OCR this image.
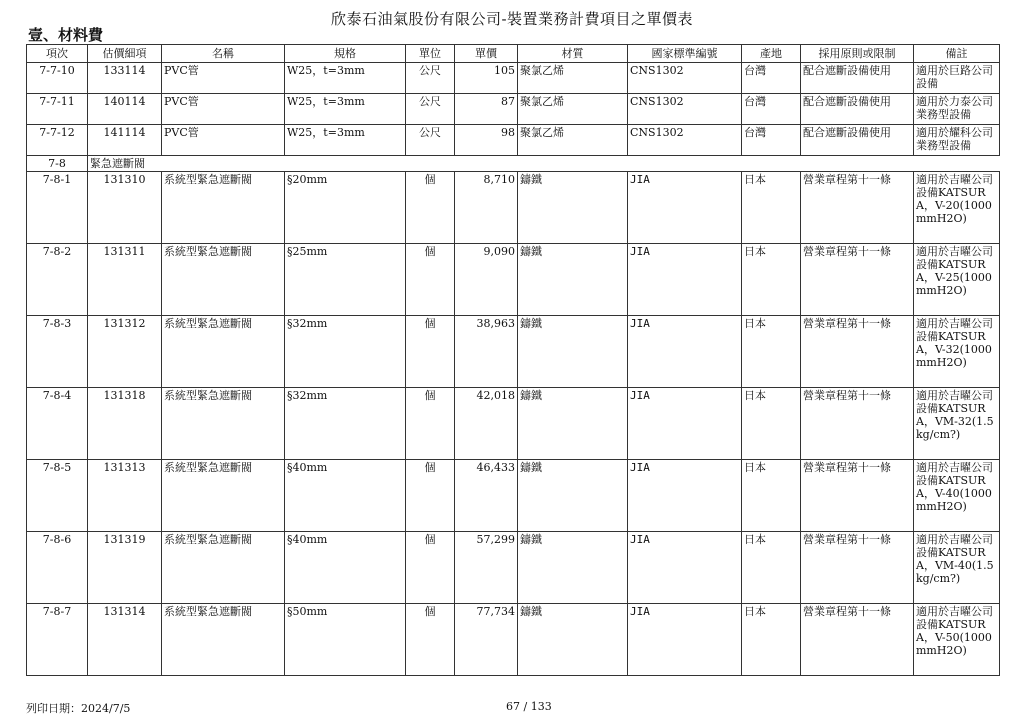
欣泰石油氣股份有限公司-裝置業務計費項目之單價表
壹、材料費
項次	估價細項	名稱	規格	單位	單價	材質	國家標準編號	產地	採用原則或限制	備註
7-7-10	133114	PVC管	W25，t=3mm	公尺	105	聚氯乙烯	CNS1302	台灣	配合遮斷設備使用	適用於巨路公司設備
7-7-11	140114	PVC管	W25，t=3mm	公尺	87	聚氯乙烯	CNS1302	台灣	配合遮斷設備使用	適用於力泰公司業務型設備
7-7-12	141114	PVC管	W25，t=3mm	公尺	98	聚氯乙烯	CNS1302	台灣	配合遮斷設備使用	適用於耀科公司業務型設備
7-8	緊急遮斷閥									
7-8-1	131310	系統型緊急遮斷閥	§20mm	個	8,710	鑄鐵	JIA	日本	營業章程第十一條	適用於吉曜公司設備KATSURA，V-20(1000mmH2O)
7-8-2	131311	系統型緊急遮斷閥	§25mm	個	9,090	鑄鐵	JIA	日本	營業章程第十一條	適用於吉曜公司設備KATSURA，V-25(1000mmH2O)
7-8-3	131312	系統型緊急遮斷閥	§32mm	個	38,963	鑄鐵	JIA	日本	營業章程第十一條	適用於吉曜公司設備KATSURA，V-32(1000mmH2O)
7-8-4	131318	系統型緊急遮斷閥	§32mm	個	42,018	鑄鐵	JIA	日本	營業章程第十一條	適用於吉曜公司設備KATSURA，VM-32(1.5kg/cm?)
7-8-5	131313	系統型緊急遮斷閥	§40mm	個	46,433	鑄鐵	JIA	日本	營業章程第十一條	適用於吉曜公司設備KATSURA，V-40(1000mmH2O)
7-8-6	131319	系統型緊急遮斷閥	§40mm	個	57,299	鑄鐵	JIA	日本	營業章程第十一條	適用於吉曜公司設備KATSURA，VM-40(1.5kg/cm?)
7-8-7	131314	系統型緊急遮斷閥	§50mm	個	77,734	鑄鐵	JIA	日本	營業章程第十一條	適用於吉曜公司設備KATSURA，V-50(1000mmH2O)
列印日期：2024/7/5	67 / 133
